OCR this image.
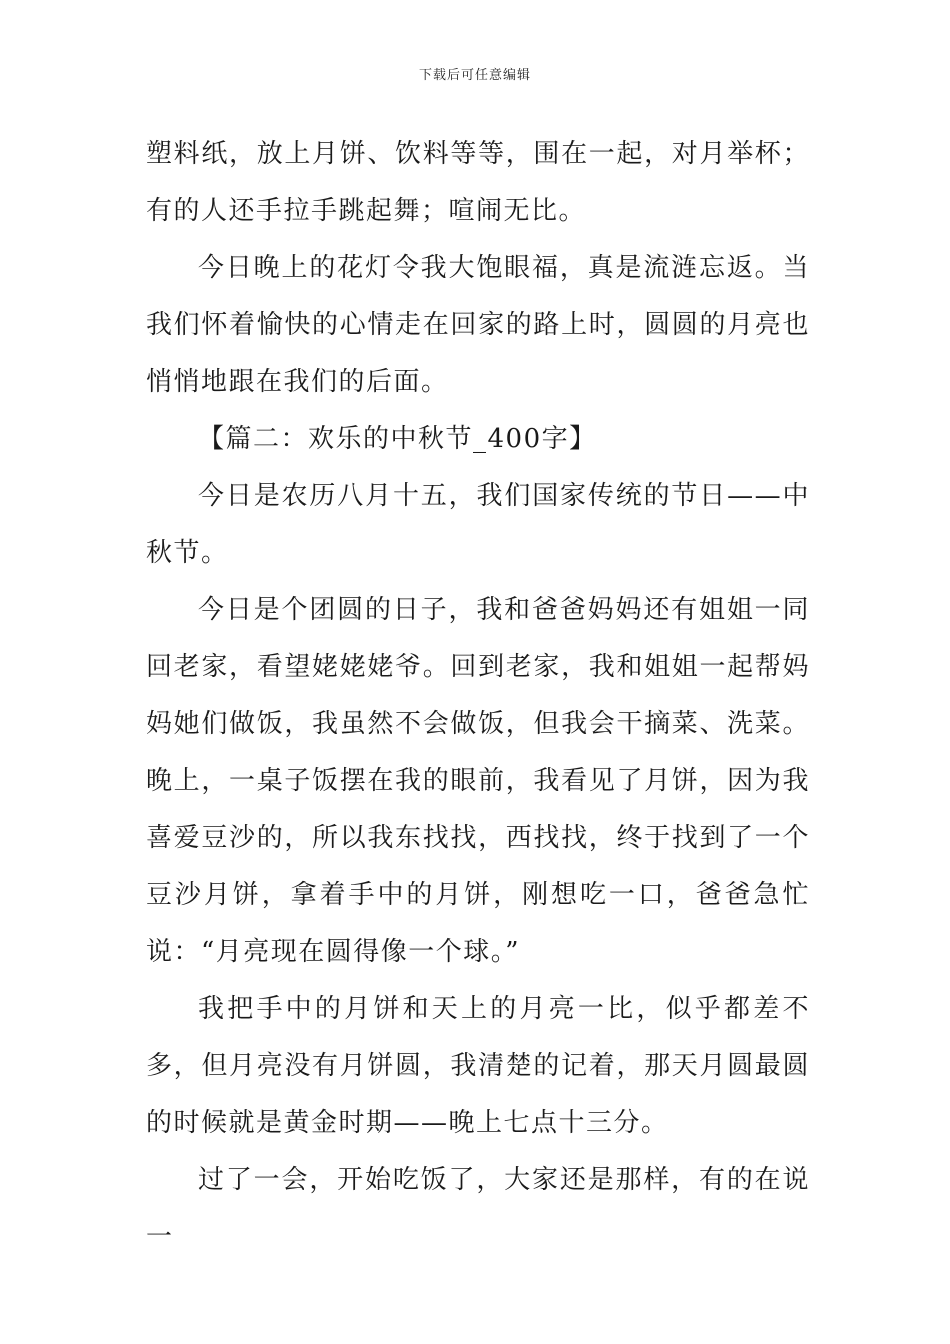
下载后可任意编辑

塑料纸，放上月饼、饮料等等，围在一起，对月举杯；有的人还手拉手跳起舞；喧闹无比。

今日晚上的花灯令我大饱眼福，真是流涟忘返。当我们怀着愉快的心情走在回家的路上时，圆圆的月亮也悄悄地跟在我们的后面。

【篇二：欢乐的中秋节_400字】

今日是农历八月十五，我们国家传统的节日——中秋节。

今日是个团圆的日子，我和爸爸妈妈还有姐姐一同回老家，看望姥姥姥爷。回到老家，我和姐姐一起帮妈妈她们做饭，我虽然不会做饭，但我会干摘菜、洗菜。晚上，一桌子饭摆在我的眼前，我看见了月饼，因为我喜爱豆沙的，所以我东找找，西找找，终于找到了一个豆沙月饼，拿着手中的月饼，刚想吃一口，爸爸急忙说：“月亮现在圆得像一个球。”

我把手中的月饼和天上的月亮一比，似乎都差不多，但月亮没有月饼圆，我清楚的记着，那天月圆最圆的时候就是黄金时期——晚上七点十三分。

过了一会，开始吃饭了，大家还是那样，有的在说一
